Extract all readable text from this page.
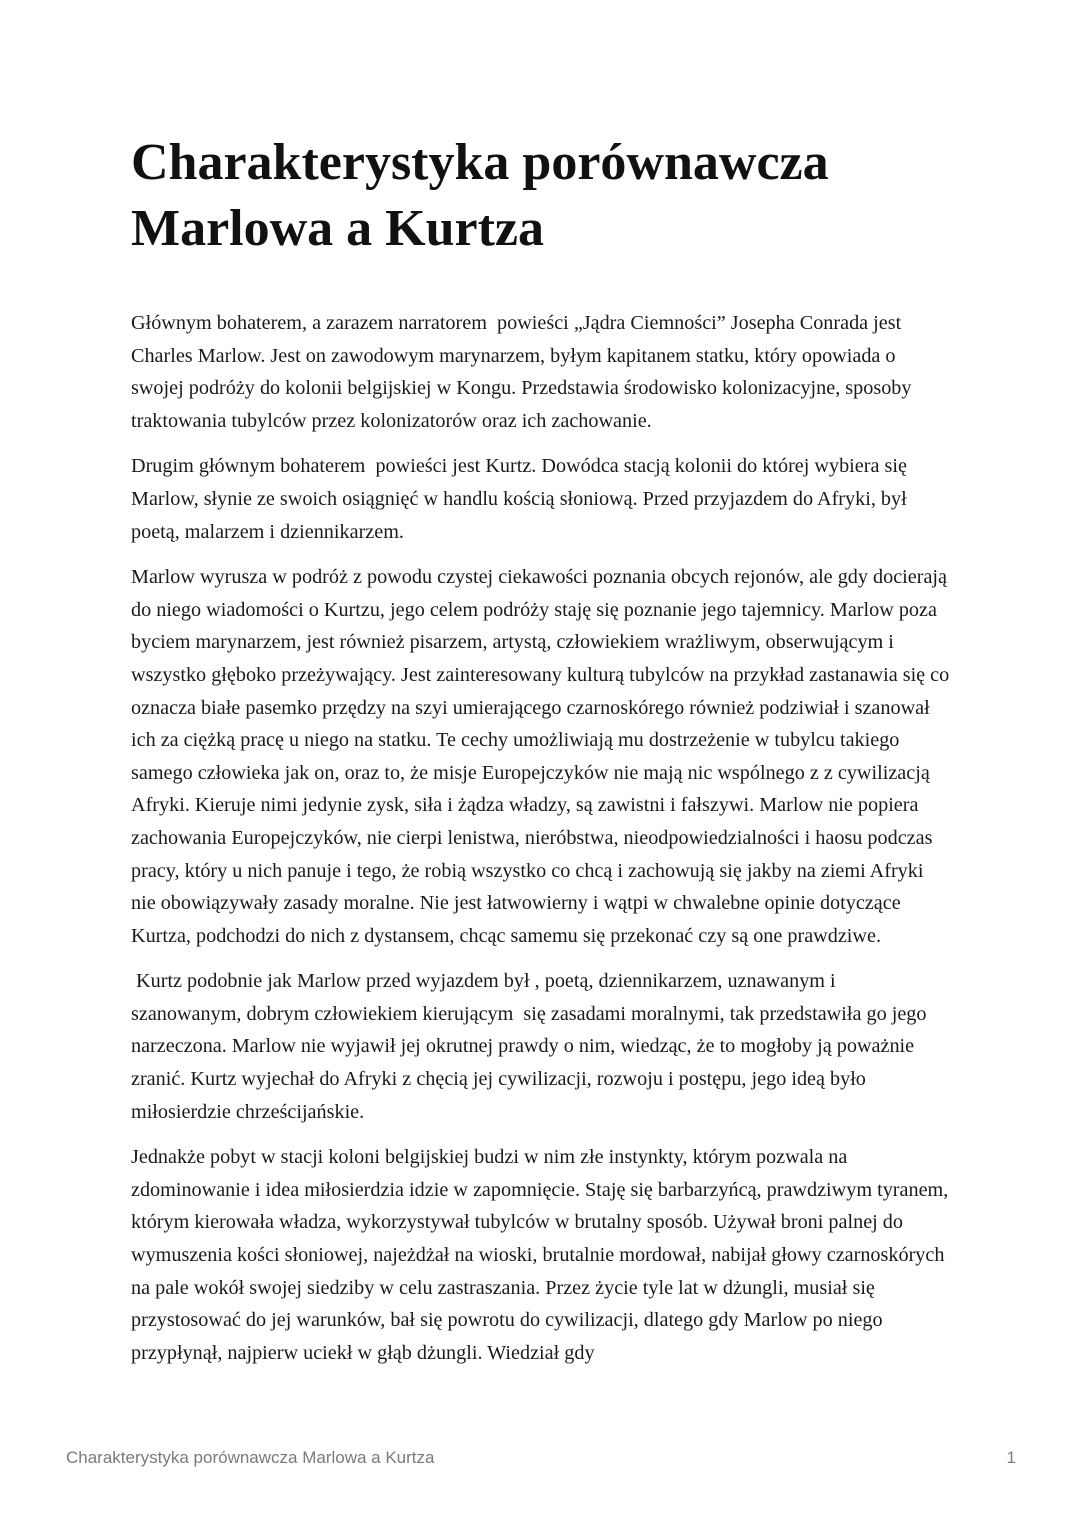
Charakterystyka porównawcza Marlowa a Kurtza

Głównym bohaterem, a zarazem narratorem  powieści „Jądra Ciemności” Josepha Conrada jest Charles Marlow. Jest on zawodowym marynarzem, byłym kapitanem statku, który opowiada o swojej podróży do kolonii belgijskiej w Kongu. Przedstawia środowisko kolonizacyjne, sposoby traktowania tubylców przez kolonizatorów oraz ich zachowanie.

Drugim głównym bohaterem  powieści jest Kurtz. Dowódca stacją kolonii do której wybiera się Marlow, słynie ze swoich osiągnięć w handlu kością słoniową. Przed przyjazdem do Afryki, był poetą, malarzem i dziennikarzem.

Marlow wyrusza w podróż z powodu czystej ciekawości poznania obcych rejonów, ale gdy docierają do niego wiadomości o Kurtzu, jego celem podróży staję się poznanie jego tajemnicy. Marlow poza byciem marynarzem, jest również pisarzem, artystą, człowiekiem wrażliwym, obserwującym i wszystko głęboko przeżywający. Jest zainteresowany kulturą tubylców na przykład zastanawia się co oznacza białe pasemko przędzy na szyi umierającego czarnoskórego również podziwiał i szanował ich za ciężką pracę u niego na statku. Te cechy umożliwiają mu dostrzeżenie w tubylcu takiego samego człowieka jak on, oraz to, że misje Europejczyków nie mają nic wspólnego z z cywilizacją Afryki. Kieruje nimi jedynie zysk, siła i żądza władzy, są zawistni i fałszywi. Marlow nie popiera zachowania Europejczyków, nie cierpi lenistwa, nieróbstwa, nieodpowiedzialności i haosu podczas pracy, który u nich panuje i tego, że robią wszystko co chcą i zachowują się jakby na ziemi Afryki nie obowiązywały zasady moralne. Nie jest łatwowierny i wątpi w chwalebne opinie dotyczące Kurtza, podchodzi do nich z dystansem, chcąc samemu się przekonać czy są one prawdziwe.

Kurtz podobnie jak Marlow przed wyjazdem był , poetą, dziennikarzem, uznawanym i szanowanym, dobrym człowiekiem kierującym  się zasadami moralnymi, tak przedstawiła go jego narzeczona. Marlow nie wyjawił jej okrutnej prawdy o nim, wiedząc, że to mogłoby ją poważnie zranić. Kurtz wyjechał do Afryki z chęcią jej cywilizacji, rozwoju i postępu, jego ideą było miłosierdzie chrześcijańskie.

Jednakże pobyt w stacji koloni belgijskiej budzi w nim złe instynkty, którym pozwala na zdominowanie i idea miłosierdzia idzie w zapomnięcie. Staję się barbarzyńcą, prawdziwym tyranem, którym kierowała władza, wykorzystywał tubylców w brutalny sposób. Używał broni palnej do wymuszenia kości słoniowej, najeżdżał na wioski, brutalnie mordował, nabijał głowy czarnoskórych na pale wokół swojej siedziby w celu zastraszania. Przez życie tyle lat w dżungli, musiał się przystosować do jej warunków, bał się powrotu do cywilizacji, dlatego gdy Marlow po niego przypłynął, najpierw uciekł w głąb dżungli. Wiedział gdy

Charakterystyka porównawcza Marlowa a Kurtza	1
